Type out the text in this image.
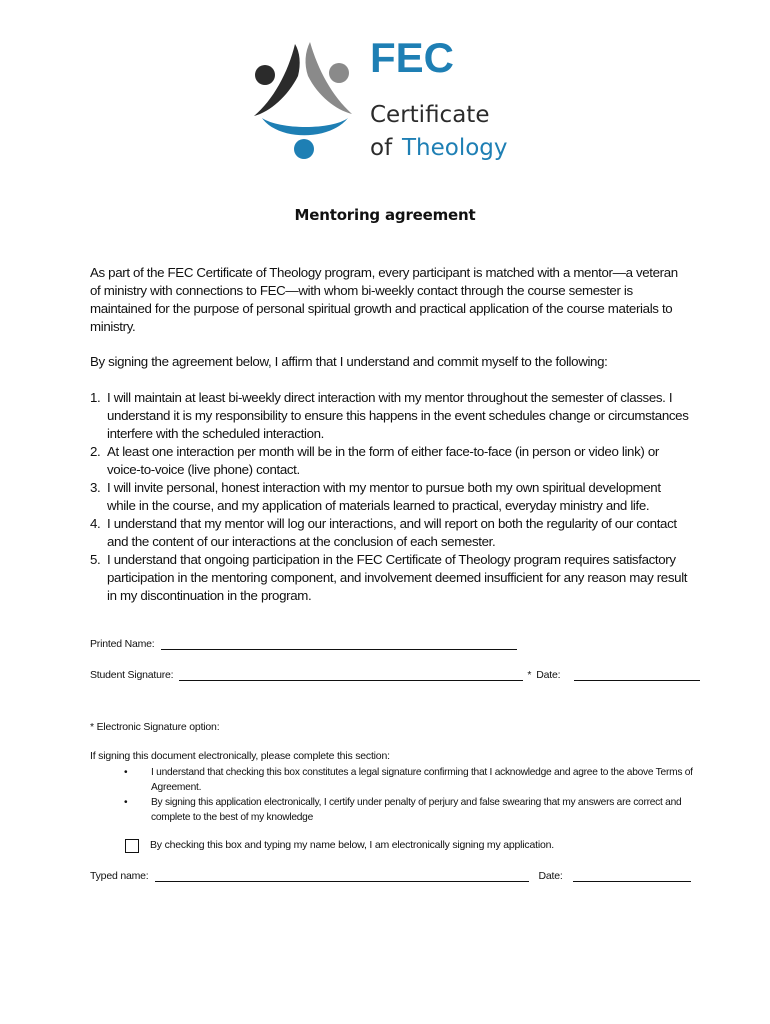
FEC
Certificate
of Theology
Mentoring agreement
As part of the FEC Certificate of Theology program, every participant is matched with a mentor—a veteran of ministry with connections to FEC—with whom bi-weekly contact through the course semester is maintained for the purpose of personal spiritual growth and practical application of the course materials to ministry.
By signing the agreement below, I affirm that I understand and commit myself to the following:
1. I will maintain at least bi-weekly direct interaction with my mentor throughout the semester of classes. I understand it is my responsibility to ensure this happens in the event schedules change or circumstances interfere with the scheduled interaction.
2. At least one interaction per month will be in the form of either face-to-face (in person or video link) or voice-to-voice (live phone) contact.
3. I will invite personal, honest interaction with my mentor to pursue both my own spiritual development while in the course, and my application of materials learned to practical, everyday ministry and life.
4. I understand that my mentor will log our interactions, and will report on both the regularity of our contact and the content of our interactions at the conclusion of each semester.
5. I understand that ongoing participation in the FEC Certificate of Theology program requires satisfactory participation in the mentoring component, and involvement deemed insufficient for any reason may result in my discontinuation in the program.
Printed Name:
Student Signature:	* Date:
* Electronic Signature option:
If signing this document electronically, please complete this section:
•	I understand that checking this box constitutes a legal signature confirming that I acknowledge and agree to the above Terms of Agreement.
•	By signing this application electronically, I certify under penalty of perjury and false swearing that my answers are correct and complete to the best of my knowledge
By checking this box and typing my name below, I am electronically signing my application.
Typed name:	Date:
